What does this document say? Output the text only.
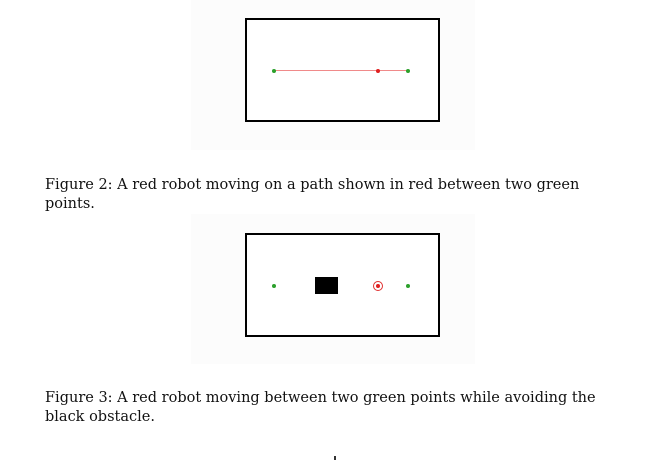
Figure 2: A red robot moving on a path shown in red between two green points.
Figure 3: A red robot moving between two green points while avoiding the black obstacle.
